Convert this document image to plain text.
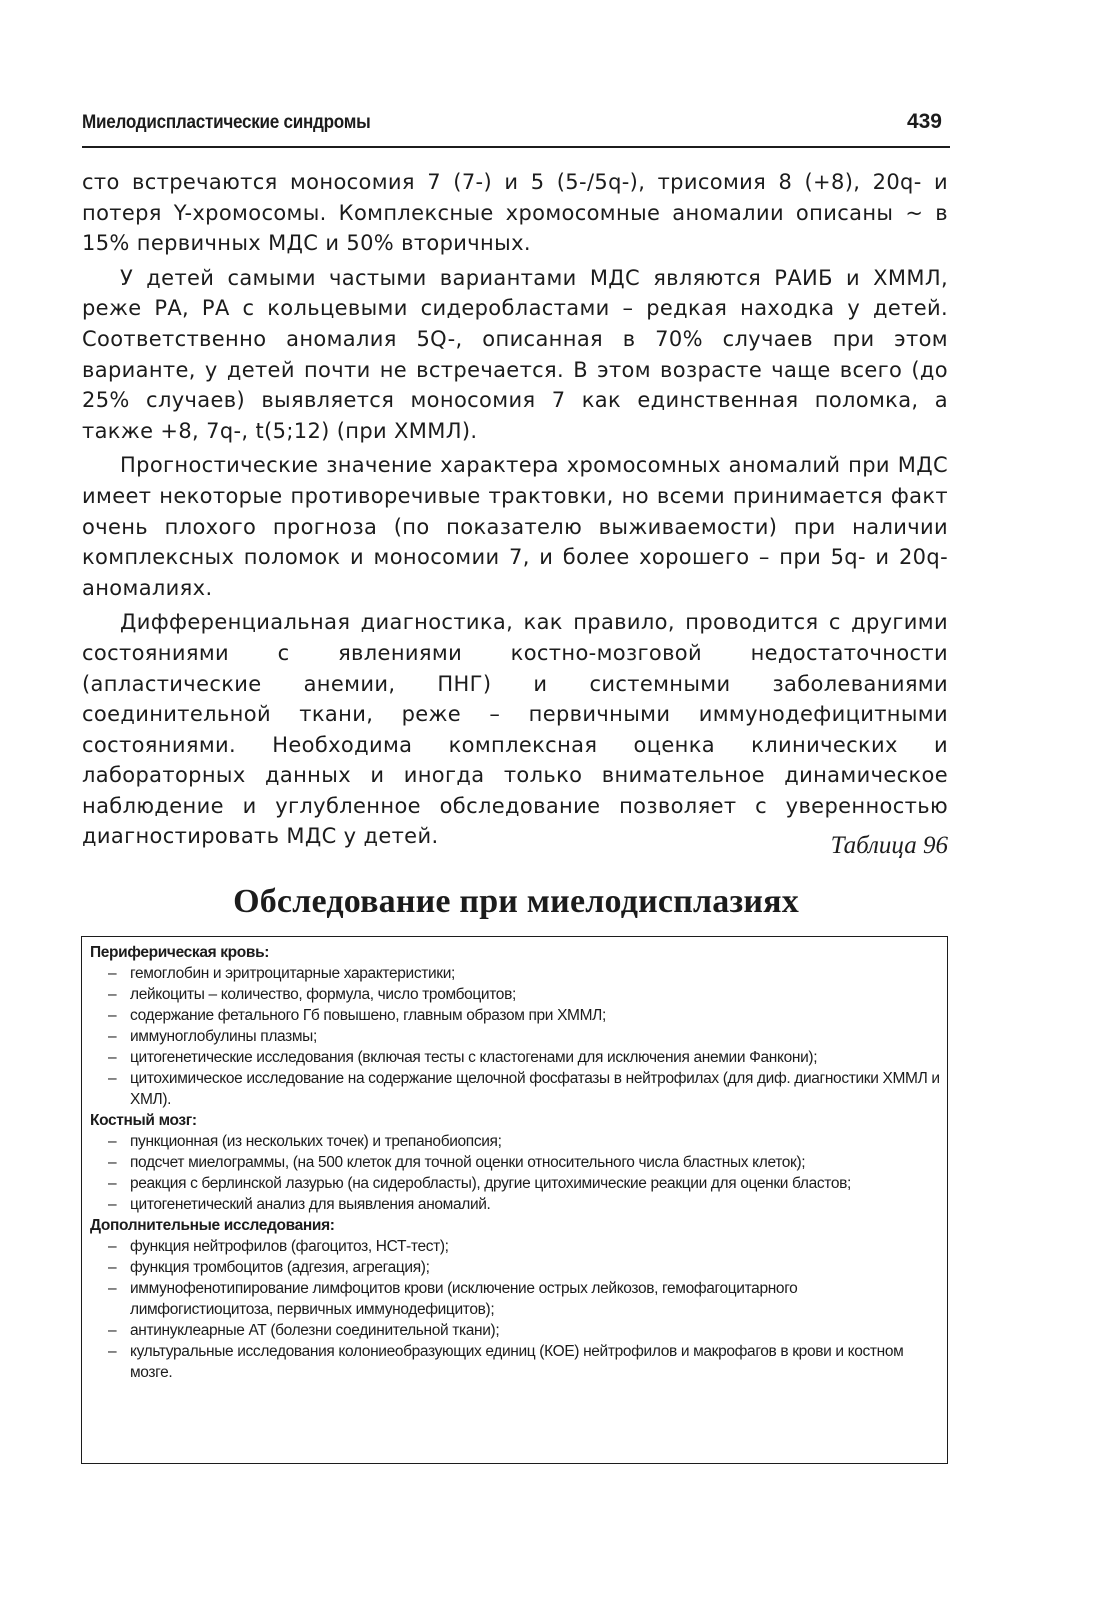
Миелодиспластические синдромы	439

сто встречаются моносомия 7 (7-) и 5 (5-/5q-), трисомия 8 (+8), 20q- и потеря Y-хромосомы. Комплексные хромосомные аномалии описаны ~ в 15% первичных МДС и 50% вторичных.

У детей самыми частыми вариантами МДС являются РАИБ и ХММЛ, реже РА, РА с кольцевыми сидеробластами – редкая находка у детей. Соответственно аномалия 5Q-, описанная в 70% случаев при этом варианте, у детей почти не встречается. В этом возрасте чаще всего (до 25% случаев) выявляется моносомия 7 как единственная поломка, а также +8, 7q-, t(5;12) (при ХММЛ).

Прогностические значение характера хромосомных аномалий при МДС имеет некоторые противоречивые трактовки, но всеми принимается факт очень плохого прогноза (по показателю выживаемости) при наличии комплексных поломок и моносомии 7, и более хорошего – при 5q- и 20q- аномалиях.

Дифференциальная диагностика, как правило, проводится с другими состояниями с явлениями костно-мозговой недостаточности (апластические анемии, ПНГ) и системными заболеваниями соединительной ткани, реже – первичными иммунодефицитными состояниями. Необходима комплексная оценка клинических и лабораторных данных и иногда только внимательное динамическое наблюдение и углубленное обследование позволяет с уверенностью диагностировать МДС у детей.	Таблица 96
Обследование при миелодисплазиях

Периферическая кровь:

– гемоглобин и эритроцитарные характеристики;
– лейкоциты – количество, формула, число тромбоцитов;
– содержание фетального Гб повышено, главным образом при ХММЛ;
– иммуноглобулины плазмы;
– цитогенетические исследования (включая тесты с кластогенами для исключения анемии Фанкони);
– цитохимическое исследование на содержание щелочной фосфатазы в нейтрофилах (для диф. диагностики ХММЛ и ХМЛ).

Костный мозг:

– пункционная (из нескольких точек) и трепанобиопсия;
– подсчет миелограммы, (на 500 клеток для точной оценки относительного числа бластных клеток);
– реакция с берлинской лазурью (на сидеробласты), другие цитохимические реакции для оценки бластов;
– цитогенетический анализ для выявления аномалий.

Дополнительные исследования:

– функция нейтрофилов (фагоцитоз, НСТ-тест);
– функция тромбоцитов (адгезия, агрегация);
– иммунофенотипирование лимфоцитов крови (исключение острых лейкозов, гемофагоцитарного лимфогистиоцитоза, первичных иммунодефицитов);
– антинуклеарные АТ (болезни соединительной ткани);
– культуральные исследования колониеобразующих единиц (КОЕ) нейтрофилов и макрофагов в крови и костном мозге.
